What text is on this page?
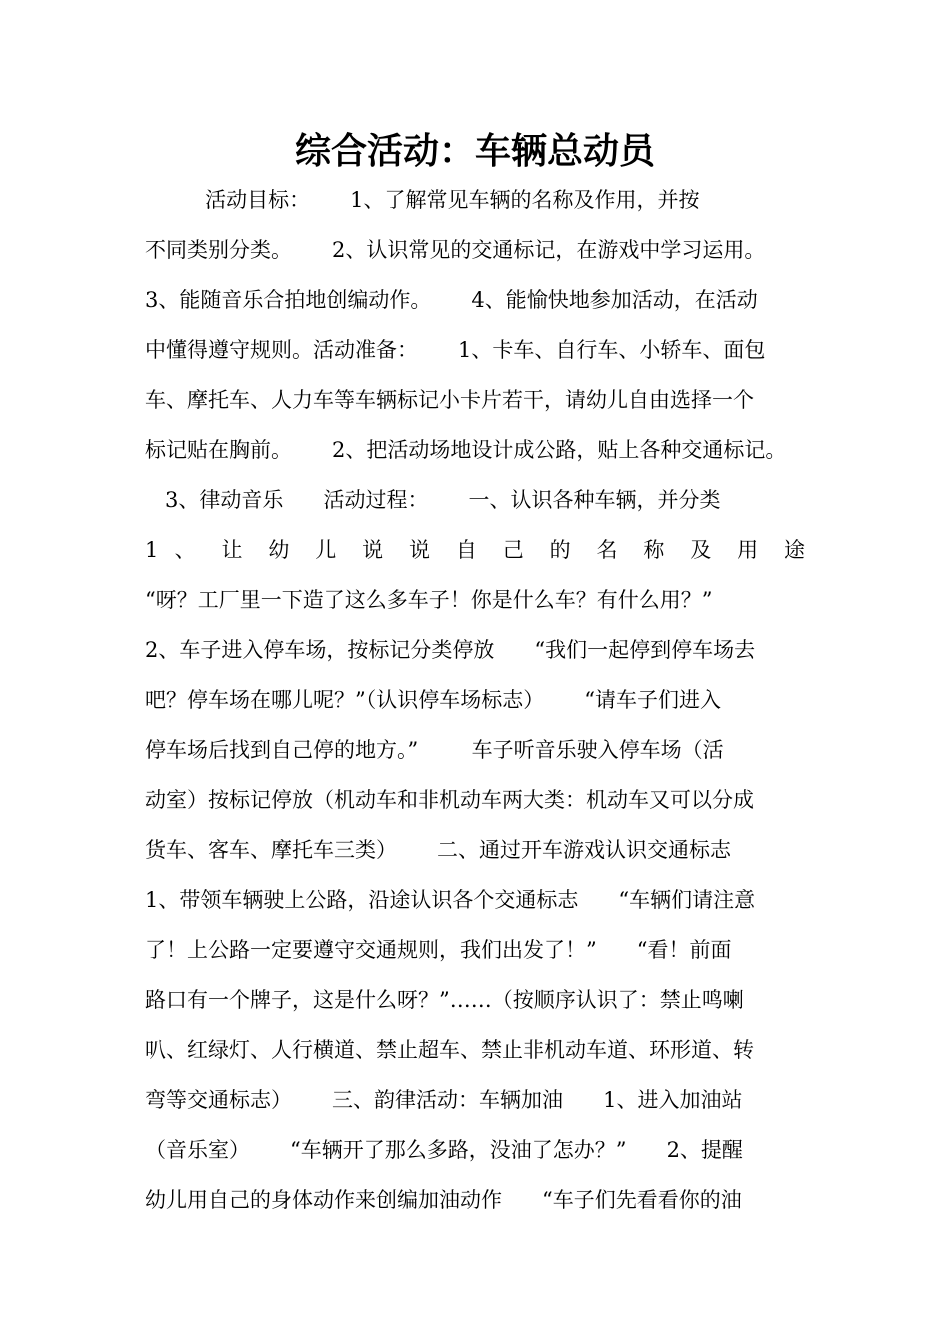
综合活动：车辆总动员
活动目标：      1、了解常见车辆的名称及作用，并按
不同类别分类。      2、认识常见的交通标记，在游戏中学习运用。
3、能随音乐合拍地创编动作。      4、能愉快地参加活动，在活动
中懂得遵守规则。活动准备：      1、卡车、自行车、小轿车、面包
车、摩托车、人力车等车辆标记小卡片若干，请幼儿自由选择一个
标记贴在胸前。      2、把活动场地设计成公路，贴上各种交通标记。
3、律动音乐      活动过程：      一、认识各种车辆，并分类
1 、 让 幼 儿 说 说 自 己 的 名 称 及 用 途
“呀？工厂里一下造了这么多车子！你是什么车？有什么用？”
2、车子进入停车场，按标记分类停放      “我们一起停到停车场去
吧？停车场在哪儿呢？”（认识停车场标志）      “请车子们进入
停车场后找到自己停的地方。”        车子听音乐驶入停车场（活
动室）按标记停放（机动车和非机动车两大类：机动车又可以分成
货车、客车、摩托车三类）      二、通过开车游戏认识交通标志
1、带领车辆驶上公路，沿途认识各个交通标志      “车辆们请注意
了！上公路一定要遵守交通规则，我们出发了！”      “看！前面
路口有一个牌子，这是什么呀？”……（按顺序认识了：禁止鸣喇
叭、红绿灯、人行横道、禁止超车、禁止非机动车道、环形道、转
弯等交通标志）      三、韵律活动：车辆加油      1、进入加油站
（音乐室）      “车辆开了那么多路，没油了怎办？”      2、提醒
幼儿用自己的身体动作来创编加油动作      “车子们先看看你的油
